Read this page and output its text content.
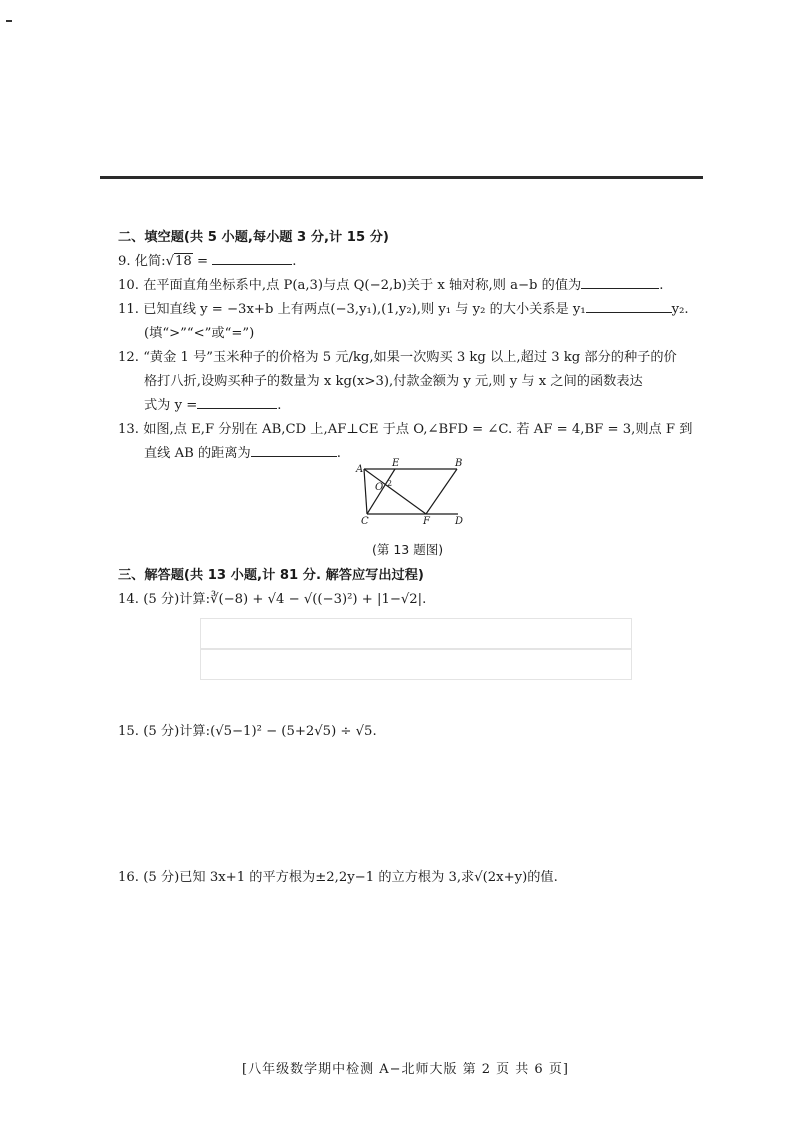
二、填空题(共 5 小题,每小题 3 分,计 15 分)
9. 化简:√18 =	.
10. 在平面直角坐标系中,点 P(a,3)与点 Q(−2,b)关于 x 轴对称,则 a−b 的值为	.
11. 已知直线 y = −3x+b 上有两点(−3,y₁),(1,y₂),则 y₁ 与 y₂ 的大小关系是 y₁	y₂.
(填“>”“<”或“=”)
12. “黄金 1 号”玉米种子的价格为 5 元/kg,如果一次购买 3 kg 以上,超过 3 kg 部分的种子的价
格打八折,设购买种子的数量为 x kg(x>3),付款金额为 y 元,则 y 与 x 之间的函数表达
式为 y =	.
13. 如图,点 E,F 分别在 AB,CD 上,AF⊥CE 于点 O,∠BFD = ∠C. 若 AF = 4,BF = 3,则点 F 到
直线 AB 的距离为	.
A
E	B
O 2
C	F	D
(第 13 题图)
三、解答题(共 13 小题,计 81 分. 解答应写出过程)
14. (5 分)计算:∛(−8) + √4 − √((−3)²) + |1−√2|.
15. (5 分)计算:(√5−1)² − (5+2√5) ÷ √5.
16. (5 分)已知 3x+1 的平方根为±2,2y−1 的立方根为 3,求√(2x+y)的值.
[八年级数学期中检测 A−北师大版 第 2 页 共 6 页]
